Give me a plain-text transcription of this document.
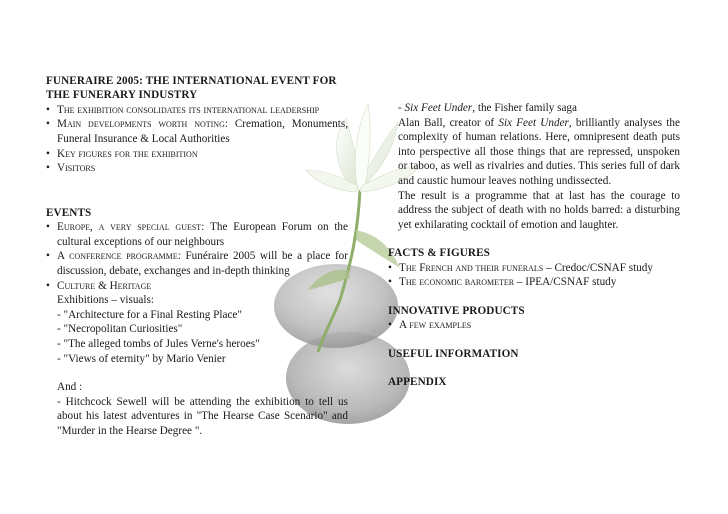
FUNERAIRE 2005: THE INTERNATIONAL EVENT FOR THE FUNERARY INDUSTRY
• The exhibition consolidates its international leadership
• Main developments worth noting: Cremation, Monuments, Funeral Insurance & Local Authorities
• Key figures for the exhibition
• Visitors
EVENTS
• Europe, a very special guest: The European Forum on the cultural exceptions of our neighbours
• A conference programme: Funéraire 2005 will be a place for discussion, debate, exchanges and in-depth thinking
• Culture & Heritage
Exhibitions – visuals:
- "Architecture for a Final Resting Place"
- "Necropolitan Curiosities"
- "The alleged tombs of Jules Verne's heroes"
- "Views of eternity" by Mario Venier
And :
- Hitchcock Sewell will be attending the exhibition to tell us about his latest adventures in "The Hearse Case Scenario" and "Murder in the Hearse Degree ".
- Six Feet Under, the Fisher family saga
Alan Ball, creator of Six Feet Under, brilliantly analyses the complexity of human relations. Here, omnipresent death puts into perspective all those things that are repressed, unspoken or taboo, as well as rivalries and duties. This series full of dark and caustic humour leaves nothing undissected.
The result is a programme that at last has the courage to address the subject of death with no holds barred: a disturbing yet exhilarating cocktail of emotion and laughter.
FACTS & FIGURES
• The French and their funerals – Credoc/CSNAF study
• The economic barometer – IPEA/CSNAF study
INNOVATIVE PRODUCTS
• A few examples
USEFUL INFORMATION
APPENDIX
